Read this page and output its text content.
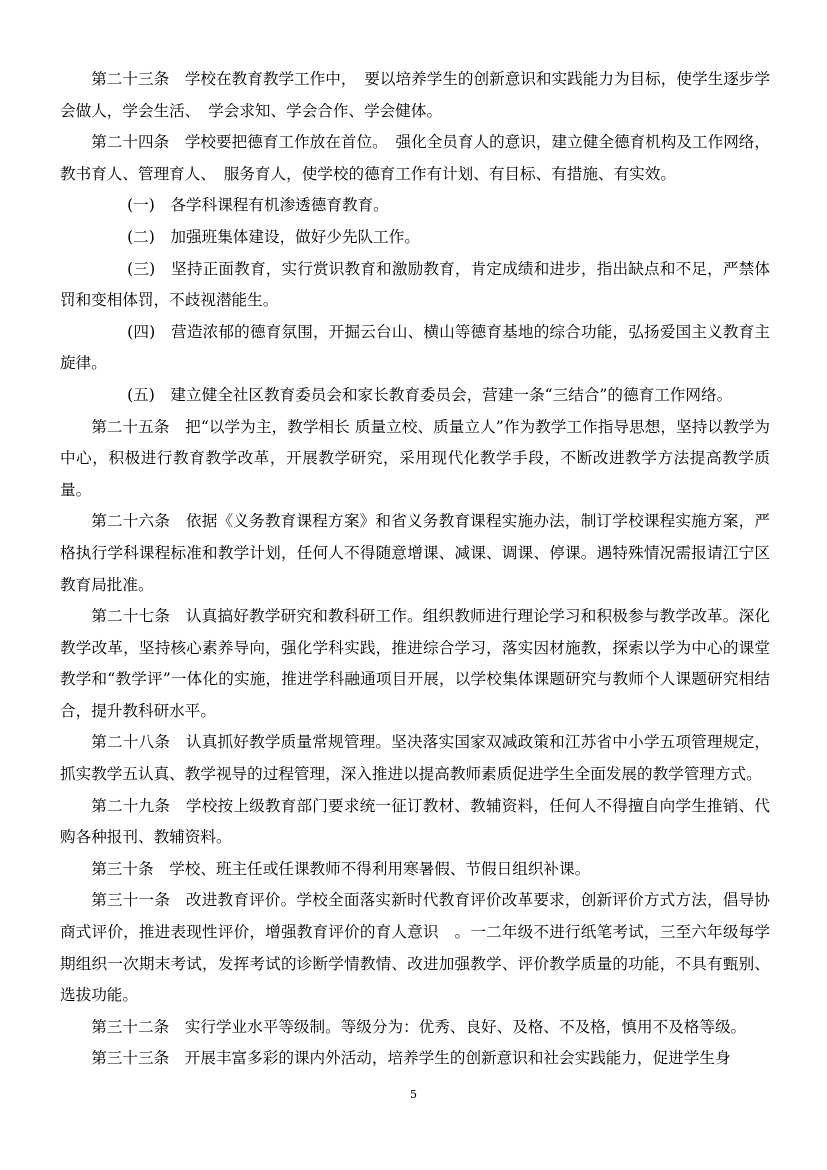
第二十三条　学校在教育教学工作中，　要以培养学生的创新意识和实践能力为目标，使学生逐步学会做人，学会生活、　学会求知、学会合作、学会健体。

第二十四条　学校要把德育工作放在首位。　强化全员育人的意识，建立健全德育机构及工作网络，教书育人、管理育人、　服务育人，使学校的德育工作有计划、有目标、有措施、有实效。

(一)　各学科课程有机渗透德育教育。

(二)　加强班集体建设，做好少先队工作。

(三)　坚持正面教育，实行赏识教育和激励教育，肯定成绩和进步，指出缺点和不足，严禁体罚和变相体罚，不歧视潜能生。

(四)　营造浓郁的德育氛围，开掘云台山、横山等德育基地的综合功能，弘扬爱国主义教育主旋律。

(五)　建立健全社区教育委员会和家长教育委员会，营建一条“三结合”的德育工作网络。

第二十五条　把“以学为主，教学相长 质量立校、质量立人”作为教学工作指导思想，坚持以教学为中心，积极进行教育教学改革，开展教学研究，采用现代化教学手段，不断改进教学方法提高教学质量。

第二十六条　依据《义务教育课程方案》和省义务教育课程实施办法，制订学校课程实施方案，严格执行学科课程标准和教学计划，任何人不得随意增课、减课、调课、停课。遇特殊情况需报请江宁区教育局批准。

第二十七条　认真搞好教学研究和教科研工作。组织教师进行理论学习和积极参与教学改革。深化教学改革，坚持核心素养导向，强化学科实践，推进综合学习，落实因材施教，探索以学为中心的课堂教学和“教学评”一体化的实施，推进学科融通项目开展，以学校集体课题研究与教师个人课题研究相结合，提升教科研水平。

第二十八条　认真抓好教学质量常规管理。坚决落实国家双减政策和江苏省中小学五项管理规定，抓实教学五认真、教学视导的过程管理，深入推进以提高教师素质促进学生全面发展的教学管理方式。

第二十九条　学校按上级教育部门要求统一征订教材、教辅资料，任何人不得擅自向学生推销、代购各种报刊、教辅资料。

第三十条　学校、班主任或任课教师不得利用寒暑假、节假日组织补课。

第三十一条　改进教育评价。学校全面落实新时代教育评价改革要求，创新评价方式方法，倡导协商式评价，推进表现性评价，增强教育评价的育人意识　。一二年级不进行纸笔考试，三至六年级每学期组织一次期末考试，发挥考试的诊断学情教情、改进加强教学、评价教学质量的功能，不具有甄别、选拔功能。

第三十二条　实行学业水平等级制。等级分为：优秀、良好、及格、不及格，慎用不及格等级。

第三十三条　开展丰富多彩的课内外活动，培养学生的创新意识和社会实践能力，促进学生身

5
